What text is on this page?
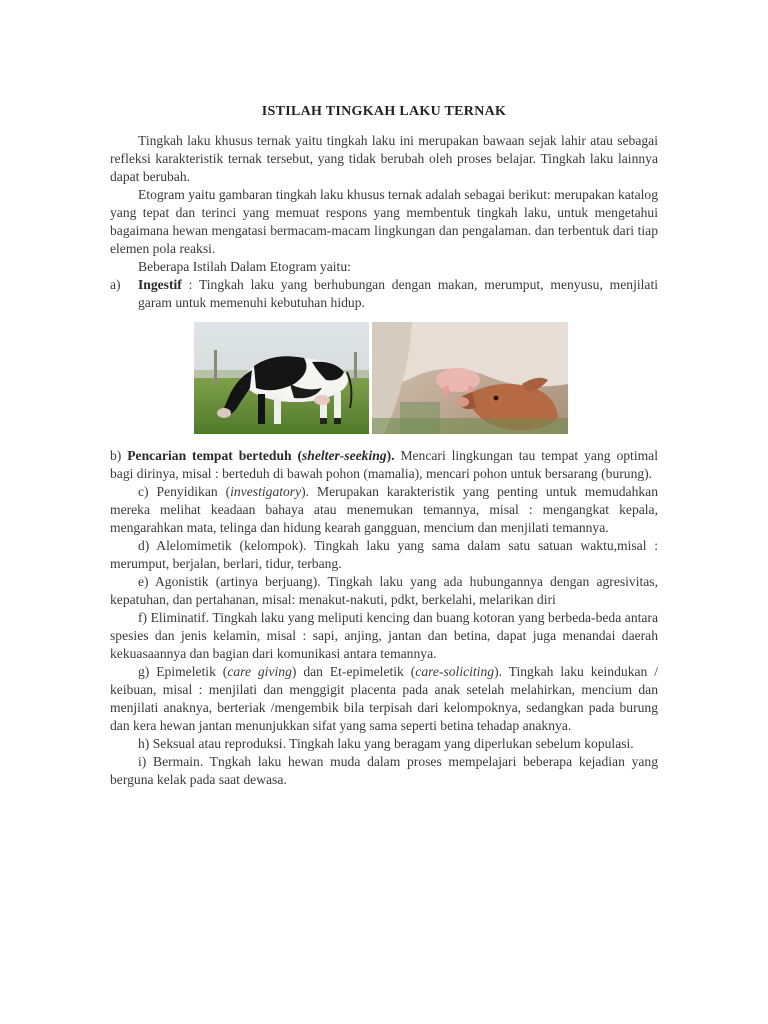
ISTILAH TINGKAH LAKU TERNAK

Tingkah laku khusus ternak yaitu tingkah laku ini merupakan bawaan sejak lahir atau sebagai refleksi karakteristik ternak tersebut, yang tidak berubah oleh proses belajar. Tingkah laku lainnya dapat berubah.

Etogram yaitu gambaran tingkah laku khusus ternak adalah sebagai berikut: merupakan katalog yang tepat dan terinci yang memuat respons yang membentuk tingkah laku, untuk mengetahui bagaimana hewan mengatasi bermacam-macam lingkungan dan pengalaman. dan terbentuk dari tiap elemen pola reaksi.

Beberapa Istilah Dalam Etogram yaitu:

a)	Ingestif : Tingkah laku yang berhubungan dengan makan, merumput, menyusu, menjilati garam untuk memenuhi kebutuhan hidup.

b) Pencarian tempat berteduh (shelter-seeking). Mencari lingkungan tau tempat yang optimal bagi dirinya, misal : berteduh di bawah pohon (mamalia), mencari pohon untuk bersarang (burung).

c) Penyidikan (investigatory). Merupakan karakteristik yang penting untuk memudahkan mereka melihat keadaan bahaya atau menemukan temannya, misal : mengangkat kepala, mengarahkan mata, telinga dan hidung kearah gangguan, mencium dan menjilati temannya.

d) Alelomimetik (kelompok). Tingkah laku yang sama dalam satu satuan waktu,misal : merumput, berjalan, berlari, tidur, terbang.

e) Agonistik (artinya berjuang). Tingkah laku yang ada hubungannya dengan agresivitas, kepatuhan, dan pertahanan, misal: menakut-nakuti, pdkt, berkelahi, melarikan diri

f) Eliminatif. Tingkah laku yang meliputi kencing dan buang kotoran yang berbeda-beda antara spesies dan jenis kelamin, misal : sapi, anjing, jantan dan betina, dapat juga menandai daerah kekuasaannya dan bagian dari komunikasi antara temannya.

g) Epimeletik (care giving) dan Et-epimeletik (care-soliciting). Tingkah laku keindukan / keibuan, misal : menjilati dan menggigit placenta pada anak setelah melahirkan, mencium dan menjilati anaknya, berteriak /mengembik bila terpisah dari kelompoknya, sedangkan pada burung dan kera hewan jantan menunjukkan sifat yang sama seperti betina tehadap anaknya.

h) Seksual atau reproduksi. Tingkah laku yang beragam yang diperlukan sebelum kopulasi.

i) Bermain. Tngkah laku hewan muda dalam proses mempelajari beberapa kejadian yang berguna kelak pada saat dewasa.
